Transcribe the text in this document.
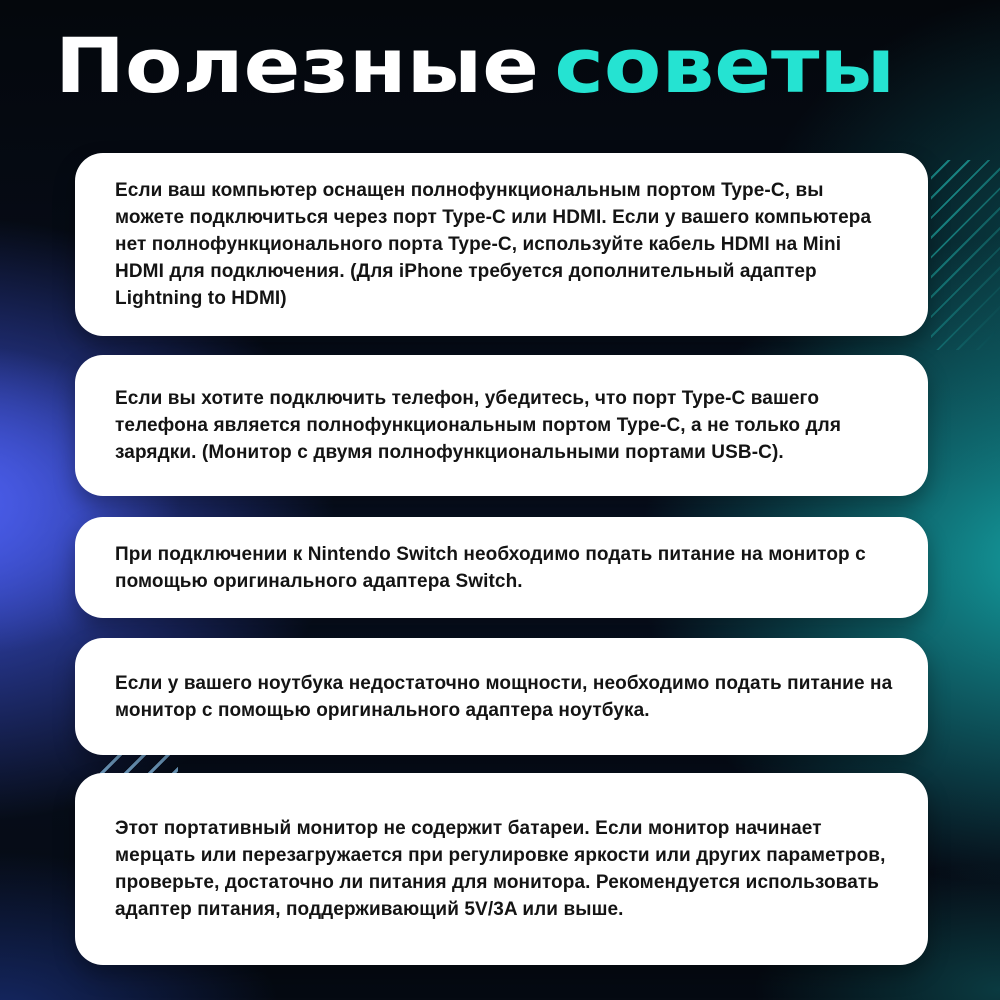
Полезные советы

Если ваш компьютер оснащен полнофункциональным портом Type-C, вы можете подключиться через порт Type-C или HDMI. Если у вашего компьютера нет полнофункционального порта Type-C, используйте кабель HDMI на Mini HDMI для подключения. (Для iPhone требуется дополнительный адаптер Lightning to HDMI)

Если вы хотите подключить телефон, убедитесь, что порт Type-C вашего телефона является полнофункциональным портом Type-C, а не только для зарядки. (Монитор с двумя полнофункциональными портами USB-C).

При подключении к Nintendo Switch необходимо подать питание на монитор с помощью оригинального адаптера Switch.

Если у вашего ноутбука недостаточно мощности, необходимо подать питание на монитор с помощью оригинального адаптера ноутбука.

Этот портативный монитор не содержит батареи. Если монитор начинает мерцать или перезагружается при регулировке яркости или других параметров, проверьте, достаточно ли питания для монитора. Рекомендуется использовать адаптер питания, поддерживающий 5V/3A или выше.
